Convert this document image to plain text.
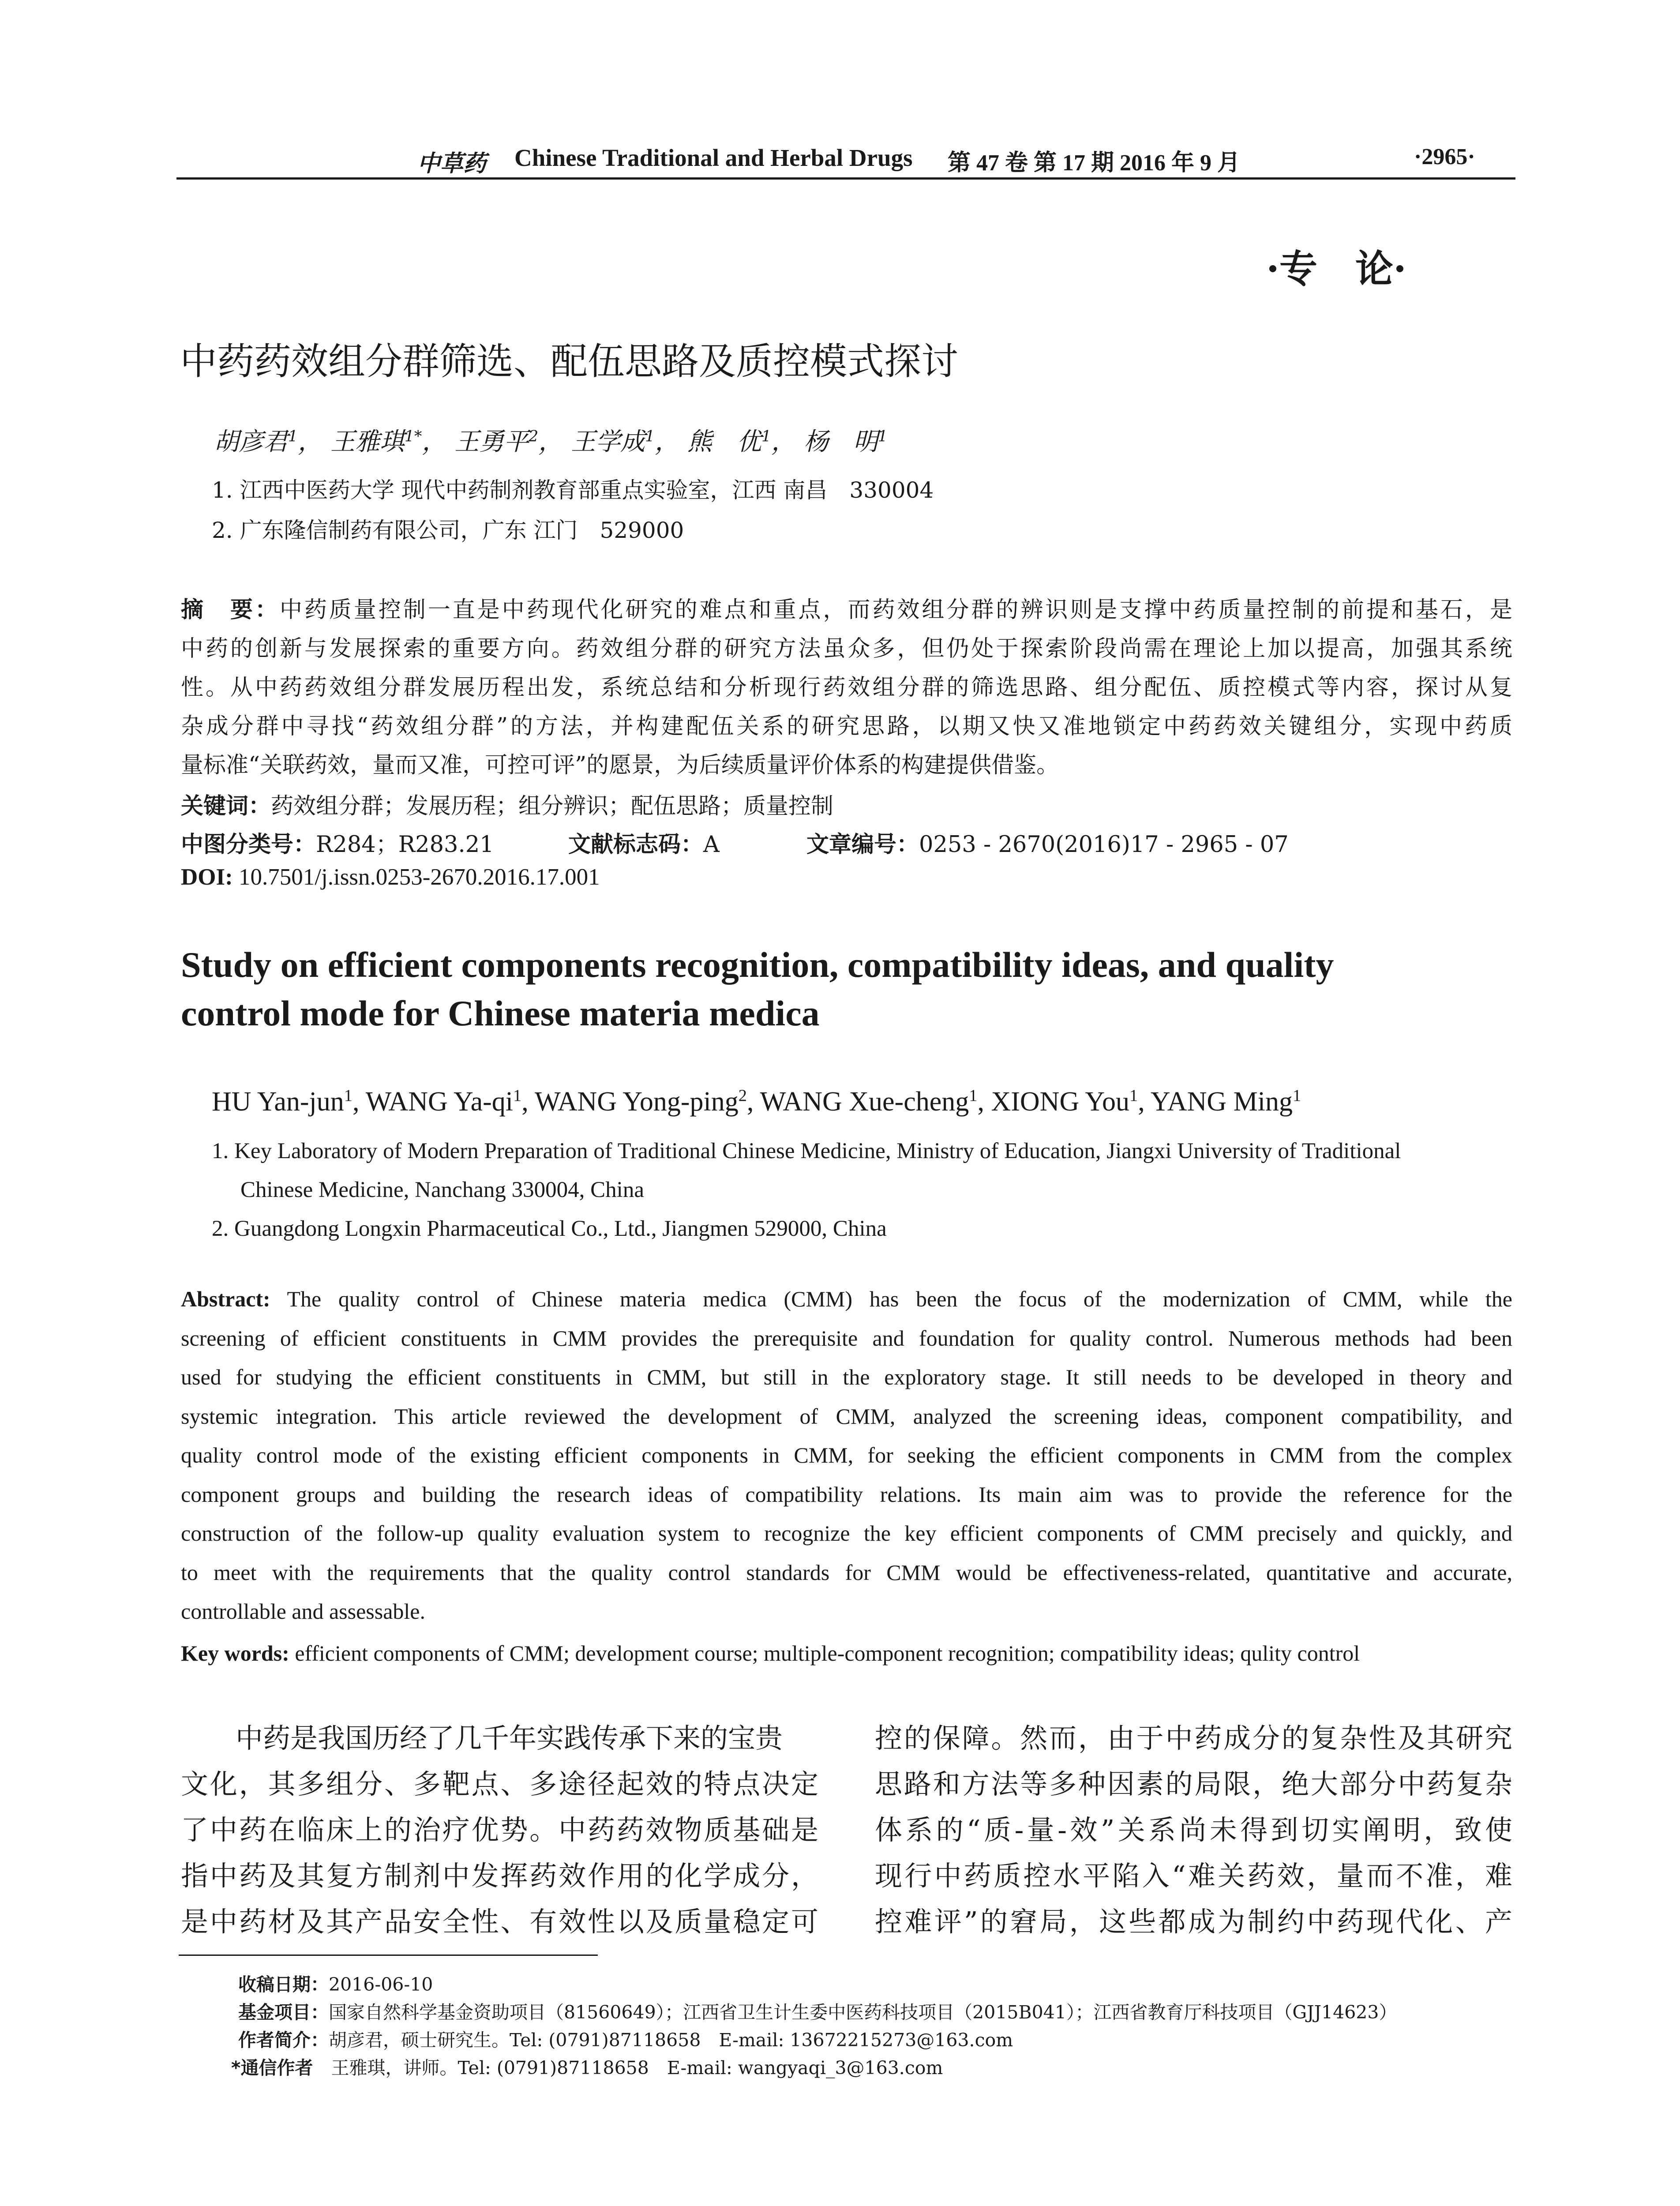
中草药 Chinese Traditional and Herbal Drugs 第 47 卷 第 17 期 2016 年 9 月	·2965·
·专　论·
中药药效组分群筛选、配伍思路及质控模式探讨
胡彦君$^1$， 王雅琪$^{1*}$， 王勇平$^2$， 王学成$^1$， 熊　优$^1$， 杨　明$^1$
1. 江西中医药大学 现代中药制剂教育部重点实验室，江西 南昌　330004
2. 广东隆信制药有限公司，广东 江门　529000
摘　要：中药质量控制一直是中药现代化研究的难点和重点，而药效组分群的辨识则是支撑中药质量控制的前提和基石，是
中药的创新与发展探索的重要方向。药效组分群的研究方法虽众多，但仍处于探索阶段尚需在理论上加以提高，加强其系统
性。从中药药效组分群发展历程出发，系统总结和分析现行药效组分群的筛选思路、组分配伍、质控模式等内容，探讨从复
杂成分群中寻找“药效组分群”的方法，并构建配伍关系的研究思路，以期又快又准地锁定中药药效关键组分，实现中药质
量标准“关联药效，量而又准，可控可评”的愿景，为后续质量评价体系的构建提供借鉴。
关键词：药效组分群；发展历程；组分辨识；配伍思路；质量控制
中图分类号：R284；R283.21	文献标志码：A	文章编号：0253 - 2670(2016)17 - 2965 - 07
DOI: 10.7501/j.issn.0253-2670.2016.17.001
Study on efficient components recognition, compatibility ideas, and quality
control mode for Chinese materia medica
HU Yan-jun$^1$, WANG $Ya-qi^1$, WANG Yong-ping$^2$, WANG Xue-cheng$^1$, XIONG You$^1$, YANG Ming$^1$
1. Key Laboratory of Modern Preparation of Traditional Chinese Medicine, Ministry of Education, Jiangxi University of Traditional
Chinese Medicine, Nanchang 330004, China
2. Guangdong Longxin Pharmaceutical Co., Ltd., Jiangmen 529000, China
Abstract: The quality control of Chinese materia medica (CMM) has been the focus of the modernization of CMM, while the
screening of efficient constituents in CMM provides the prerequisite and foundation for quality control. Numerous methods had been
used for studying the efficient constituents in CMM, but still in the exploratory stage. It still needs to be developed in theory and
systemic integration. This article reviewed the development of CMM, analyzed the screening ideas, component compatibility, and
quality control mode of the existing efficient components in CMM, for seeking the efficient components in CMM from the complex
component groups and building the research ideas of compatibility relations. Its main aim was to provide the reference for the
construction of the follow-up quality evaluation system to recognize the key efficient components of CMM precisely and quickly, and
to meet with the requirements that the quality control standards for CMM would be effectiveness-related, quantitative and accurate,
controllable and assessable.
Key words: efficient components of CMM; development course; multiple-component recognition; compatibility ideas; qulity control
中药是我国历经了几千年实践传承下来的宝贵
文化，其多组分、多靶点、多途径起效的特点决定
了中药在临床上的治疗优势。中药药效物质基础是
指中药及其复方制剂中发挥药效作用的化学成分，
是中药材及其产品安全性、有效性以及质量稳定可
控的保障。然而，由于中药成分的复杂性及其研究
思路和方法等多种因素的局限，绝大部分中药复杂
体系的“质-量-效”关系尚未得到切实阐明，致使
现行中药质控水平陷入“难关药效，量而不准，难
控难评”的窘局，这些都成为制约中药现代化、产
收稿日期：2016-06-10
基金项目：国家自然科学基金资助项目（81560649）；江西省卫生计生委中医药科技项目（2015B041）；江西省教育厅科技项目（GJJ14623）
作者简介：胡彦君，硕士研究生。Tel: (0791)87118658　E-mail: 13672215273@163.com
*通信作者　 王雅琪，讲师。Tel: (0791)87118658　E-mail: wangyaqi_3@163.com
